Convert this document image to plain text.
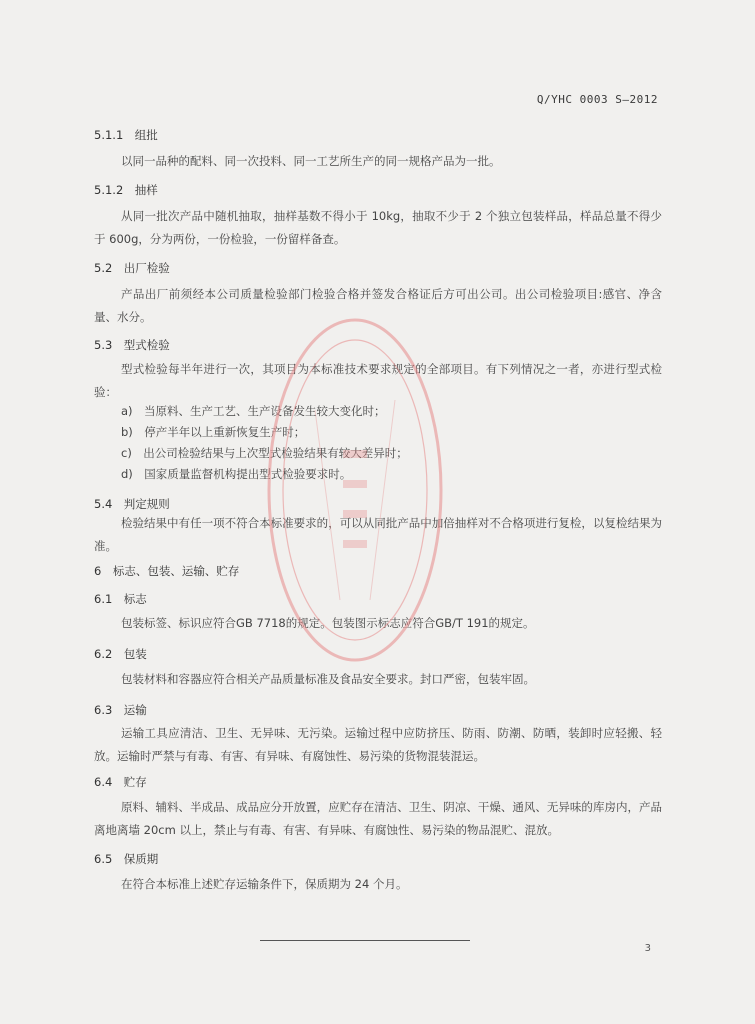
Q/YHC 0003 S—2012
5.1.1　组批
以同一品种的配料、同一次投料、同一工艺所生产的同一规格产品为一批。
5.1.2　抽样
从同一批次产品中随机抽取，抽样基数不得小于 10kg，抽取不少于 2 个独立包装样品，样品总量不得少于 600g，分为两份，一份检验，一份留样备查。
5.2　出厂检验
产品出厂前须经本公司质量检验部门检验合格并签发合格证后方可出公司。出公司检验项目:感官、净含量、水分。
5.3　型式检验
型式检验每半年进行一次，其项目为本标准技术要求规定的全部项目。有下列情况之一者，亦进行型式检验：
a)　当原料、生产工艺、生产设备发生较大变化时；
b)　停产半年以上重新恢复生产时；
c)　出公司检验结果与上次型式检验结果有较大差异时；
d)　国家质量监督机构提出型式检验要求时。
5.4　判定规则
检验结果中有任一项不符合本标准要求的，可以从同批产品中加倍抽样对不合格项进行复检，以复检结果为准。
6　标志、包装、运输、贮存
6.1　标志
包装标签、标识应符合GB 7718的规定。包装图示标志应符合GB/T 191的规定。
6.2　包装
包装材料和容器应符合相关产品质量标准及食品安全要求。封口严密，包装牢固。
6.3　运输
运输工具应清洁、卫生、无异味、无污染。运输过程中应防挤压、防雨、防潮、防晒，装卸时应轻搬、轻放。运输时严禁与有毒、有害、有异味、有腐蚀性、易污染的货物混装混运。
6.4　贮存
原料、辅料、半成品、成品应分开放置，应贮存在清洁、卫生、阴凉、干燥、通风、无异味的库房内，产品离地离墙 20cm 以上，禁止与有毒、有害、有异味、有腐蚀性、易污染的物品混贮、混放。
6.5　保质期
在符合本标准上述贮存运输条件下，保质期为 24 个月。
3
